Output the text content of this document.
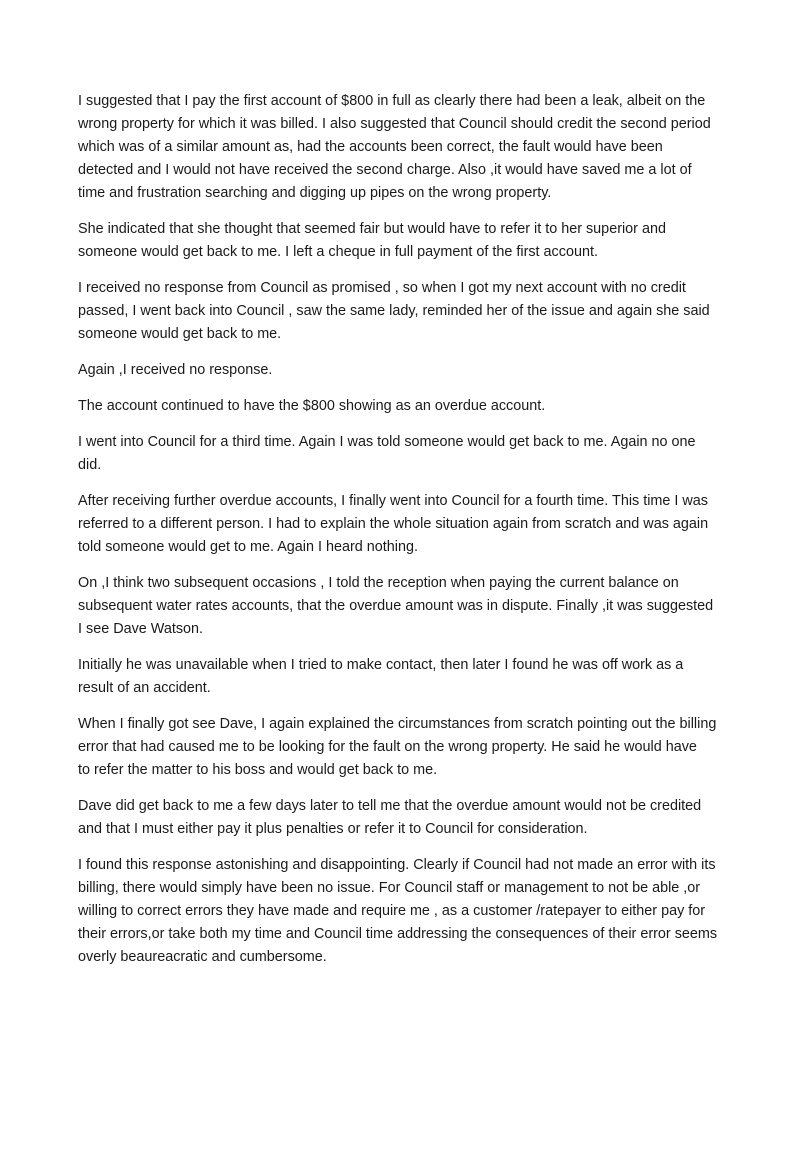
I suggested that I pay the first account of $800 in full as clearly there had been a leak, albeit on the
wrong property for which it was billed. I also suggested that Council should credit the second period
which was of a similar amount as, had the accounts been correct, the fault would have been
detected and I would not have received the second charge. Also ,it would have saved me a lot of
time and frustration searching and digging up pipes on the wrong property.

She indicated that she thought that seemed fair but would have to refer it to her superior and
someone would get back to me. I left a cheque in full payment of the first account.

I received no response from Council as promised , so when I got my next account with no credit
passed, I went back into Council , saw the same lady, reminded her of the issue and again she said
someone would get back to me.

Again ,I received no response.

The account continued to have the $800 showing as an overdue account.

I went into Council for a third time. Again I was told someone would get back to me. Again no one
did.

After receiving further overdue accounts, I finally went into Council for a fourth time. This time I was
referred to a different person. I had to explain the whole situation again from scratch and was again
told someone would get to me. Again I heard nothing.

On ,I think two subsequent occasions , I told the reception when paying the current balance on
subsequent water rates accounts, that the overdue amount was in dispute. Finally ,it was suggested
I see Dave Watson.

Initially he was unavailable when I tried to make contact, then later I found he was off work as a
result of an accident.

When I finally got see Dave, I again explained the circumstances from scratch pointing out the billing
error that had caused me to be looking for the fault on the wrong property. He said he would have
to refer the matter to his boss and would get back to me.

Dave did get back to me a few days later to tell me that the overdue amount would not be credited
and that I must either pay it plus penalties or refer it to Council for consideration.

I found this response astonishing and disappointing. Clearly if Council had not made an error with its
billing, there would simply have been no issue. For Council staff or management to not be able ,or
willing to correct errors they have made and require me , as a customer /ratepayer to either pay for
their errors,or take both my time and Council time addressing the consequences of their error seems
overly beaureacratic and cumbersome.
